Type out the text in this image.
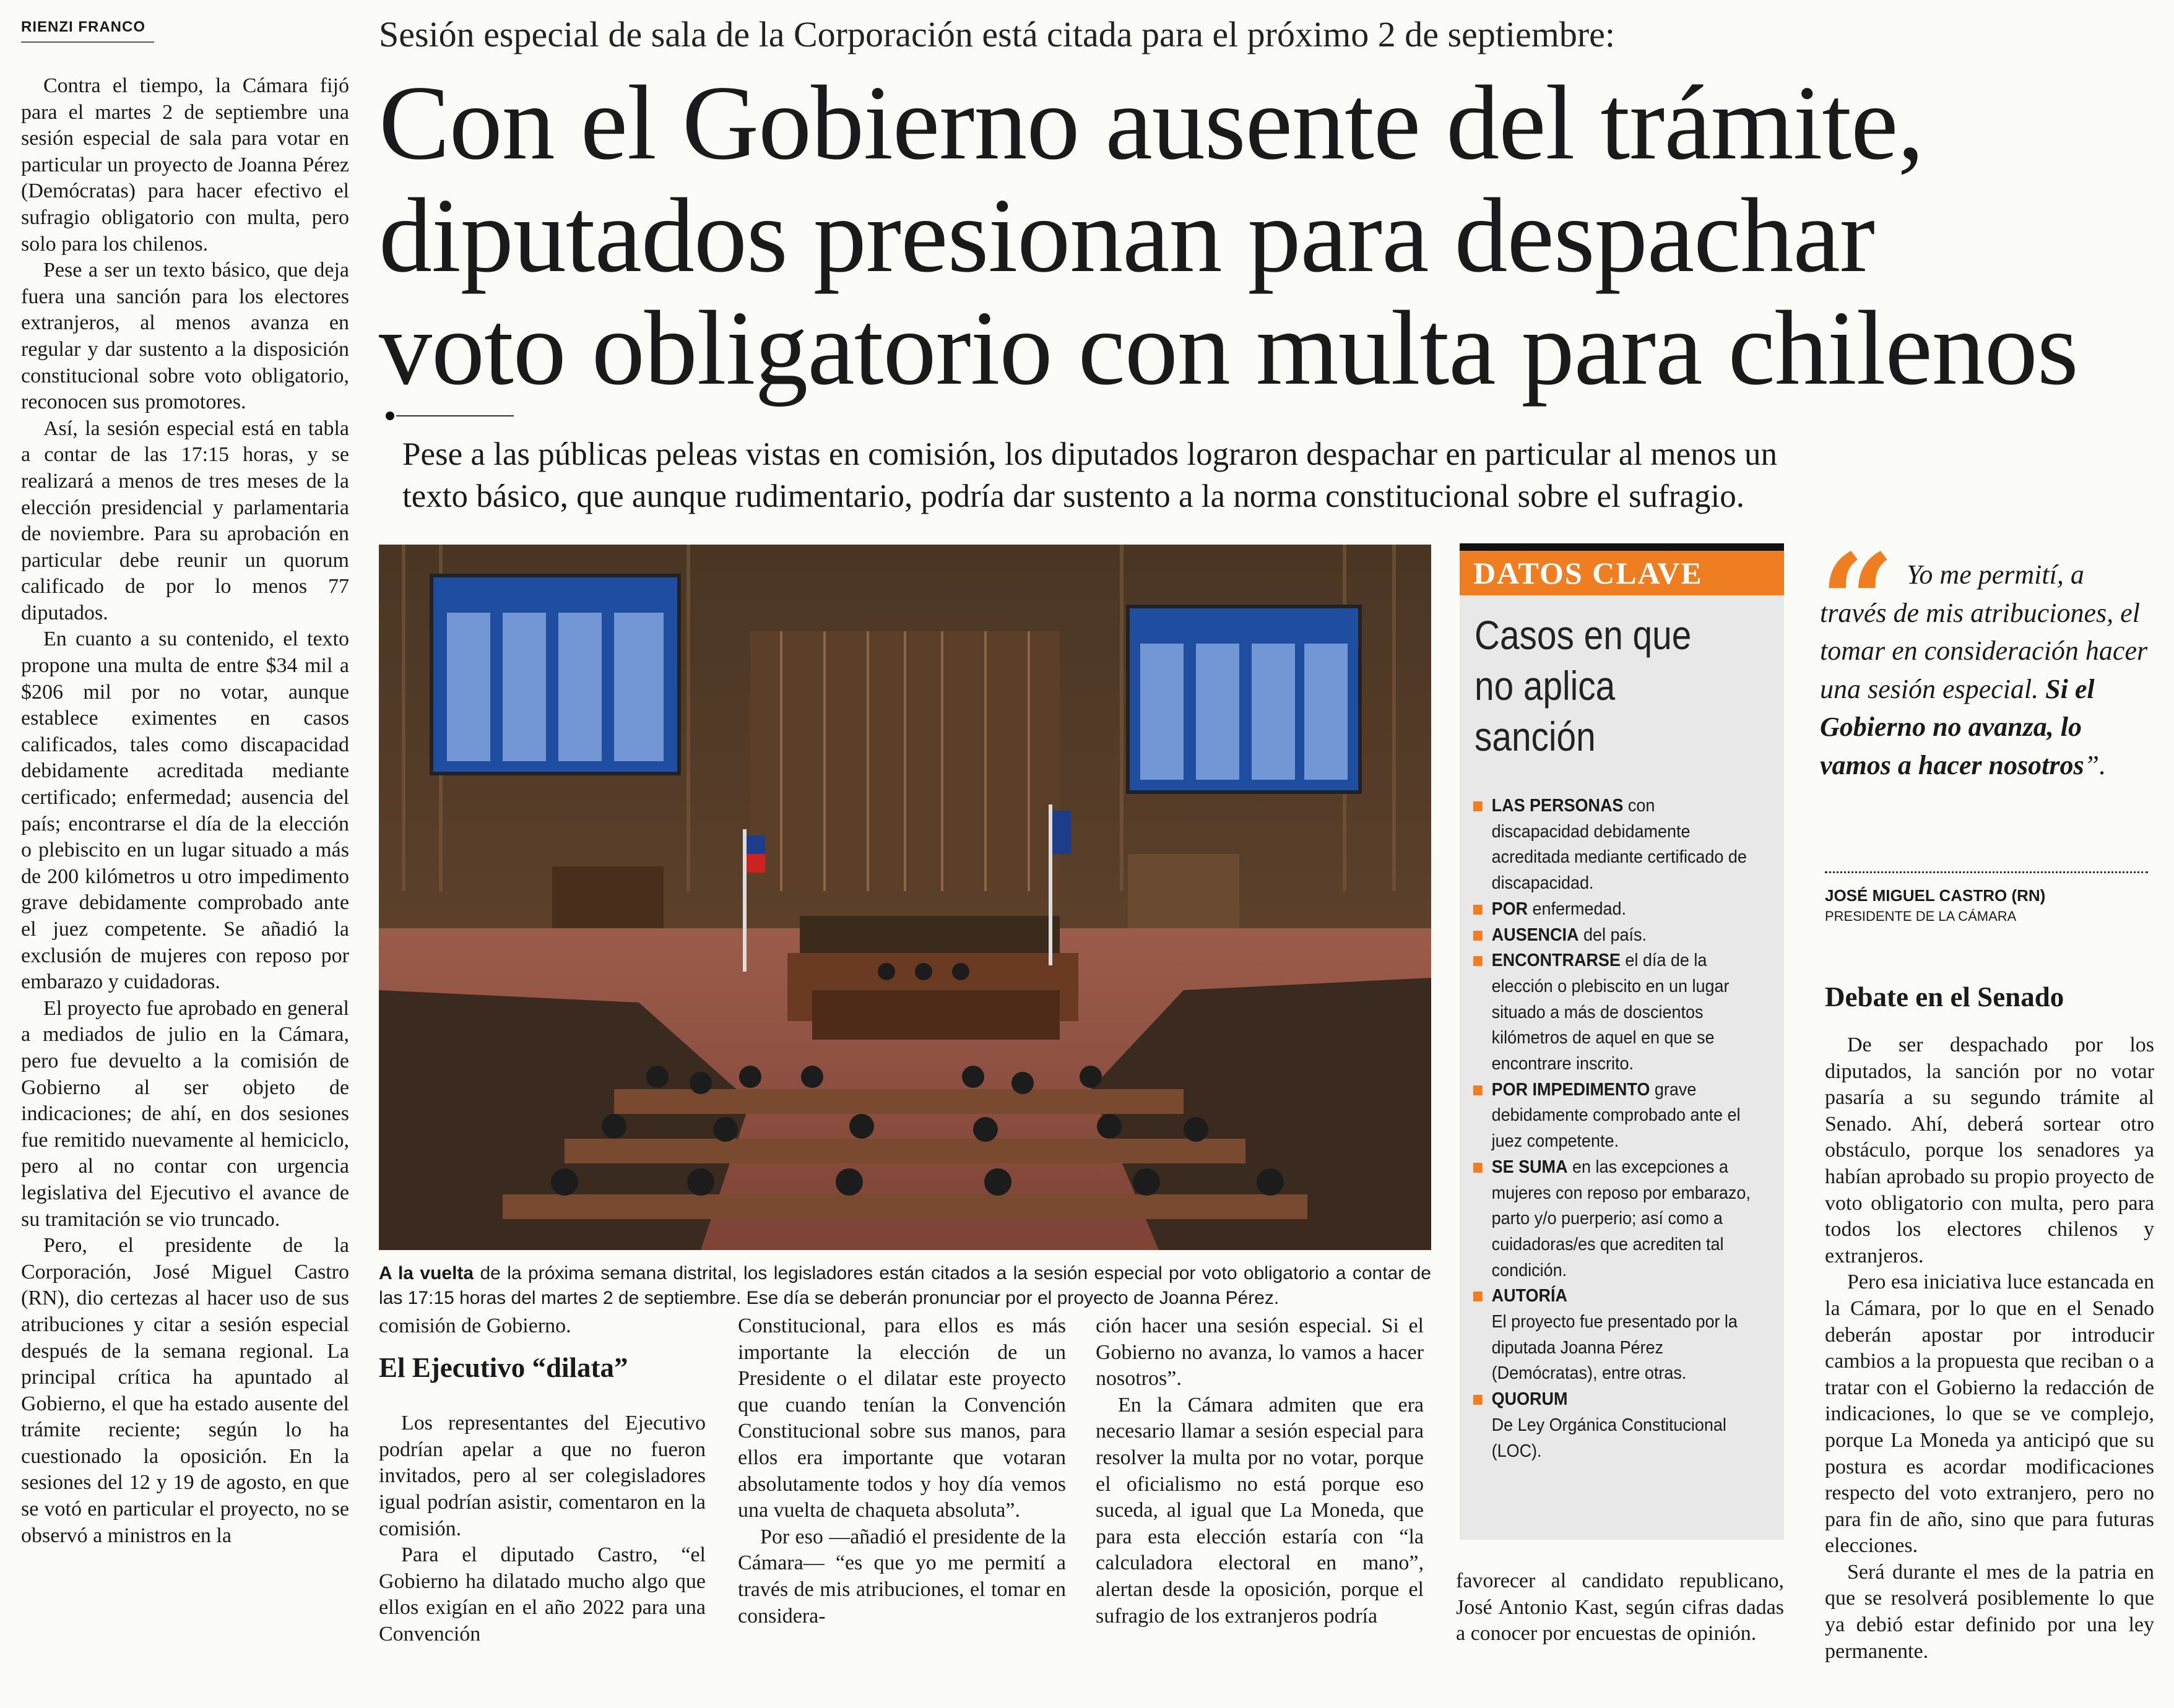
RIENZI FRANCO	Sesión especial de sala de la Corporación está citada para el próximo 2 de septiembre:
Con el Gobierno ausente del trámite,
diputados presionan para despachar
voto obligatorio con multa para chilenos
Pese a las públicas peleas vistas en comisión, los diputados lograron despachar en particular al menos un
texto básico, que aunque rudimentario, podría dar sustento a la norma constitucional sobre el sufragio.

Contra el tiempo, la Cámara fijó para el martes 2 de septiembre una sesión especial de sala para votar en particular un proyecto de Joanna Pérez (Demócratas) para hacer efectivo el sufragio obligatorio con multa, pero solo para los chilenos.

Pese a ser un texto básico, que deja fuera una sanción para los electores extranjeros, al menos avanza en regular y dar sustento a la disposición constitucional sobre voto obligatorio, reconocen sus promotores.

Así, la sesión especial está en tabla a contar de las 17:15 horas, y se realizará a menos de tres meses de la elección presidencial y parlamentaria de noviembre. Para su aprobación en particular debe reunir un quorum calificado de por lo menos 77 diputados.

En cuanto a su contenido, el texto propone una multa de entre $34 mil a $206 mil por no votar, aunque establece eximentes en casos calificados, tales como discapacidad debidamente acreditada mediante certificado; enfermedad; ausencia del país; encontrarse el día de la elección o plebiscito en un lugar situado a más de 200 kilómetros u otro impedimento grave debidamente comprobado ante el juez competente. Se añadió la exclusión de mujeres con reposo por embarazo y cuidadoras.

El proyecto fue aprobado en general a mediados de julio en la Cámara, pero fue devuelto a la comisión de Gobierno al ser objeto de indicaciones; de ahí, en dos sesiones fue remitido nuevamente al hemiciclo, pero al no contar con urgencia legislativa del Ejecutivo el avance de su tramitación se vio truncado.

Pero, el presidente de la Corporación, José Miguel Castro (RN), dio certezas al hacer uso de sus atribuciones y citar a sesión especial después de la semana regional. La principal crítica ha apuntado al Gobierno, el que ha estado ausente del trámite reciente; según lo ha cuestionado la oposición. En la sesiones del 12 y 19 de agosto, en que se votó en particular el proyecto, no se observó a ministros en la

A la vuelta de la próxima semana distrital, los legisladores están citados a la sesión especial por voto obligatorio a contar de las 17:15 horas del martes 2 de septiembre. Ese día se deberán pronunciar por el proyecto de Joanna Pérez.
comisión de Gobierno.
El Ejecutivo “dilata”

Los representantes del Ejecutivo podrían apelar a que no fueron invitados, pero al ser colegisladores igual podrían asistir, comentaron en la comisión.

Para el diputado Castro, “el Gobierno ha dilatado mucho algo que ellos exigían en el año 2022 para una Convención

Constitucional, para ellos es más importante la elección de un Presidente o el dilatar este proyecto que cuando tenían la Convención Constitucional sobre sus manos, para ellos era importante que votaran absolutamente todos y hoy día vemos una vuelta de chaqueta absoluta”.

Por eso —añadió el presidente de la Cámara— “es que yo me permití a través de mis atribuciones, el tomar en considera-

ción hacer una sesión especial. Si el Gobierno no avanza, lo vamos a hacer nosotros”.

En la Cámara admiten que era necesario llamar a sesión especial para resolver la multa por no votar, porque el oficialismo no está porque eso suceda, al igual que La Moneda, que para esta elección estaría con “la calculadora electoral en mano”, alertan desde la oposición, porque el sufragio de los extranjeros podría

favorecer al candidato republicano, José Antonio Kast, según cifras dadas a conocer por encuestas de opinión.

DATOS CLAVE
Casos en que no aplica sanción
LAS PERSONAS con discapacidad debidamente acreditada mediante certificado de discapacidad.
POR enfermedad.
AUSENCIA del país.
ENCONTRARSE el día de la elección o plebiscito en un lugar situado a más de doscientos kilómetros de aquel en que se encontrare inscrito.
POR IMPEDIMENTO grave debidamente comprobado ante el juez competente.
SE SUMA en las excepciones a mujeres con reposo por embarazo, parto y/o puerperio; así como a cuidadoras/es que acrediten tal condición.
AUTORÍA
El proyecto fue presentado por la diputada Joanna Pérez (Demócratas), entre otras.
QUORUM
De Ley Orgánica Constitucional (LOC).
“ Yo me permití, a través de mis atribuciones, el tomar en consideración hacer una sesión especial. Si el Gobierno no avanza, lo vamos a hacer nosotros”.
JOSÉ MIGUEL CASTRO (RN)
PRESIDENTE DE LA CÁMARA
Debate en el Senado

De ser despachado por los diputados, la sanción por no votar pasaría a su segundo trámite al Senado. Ahí, deberá sortear otro obstáculo, porque los senadores ya habían aprobado su propio proyecto de voto obligatorio con multa, pero para todos los electores chilenos y extranjeros.

Pero esa iniciativa luce estancada en la Cámara, por lo que en el Senado deberán apostar por introducir cambios a la propuesta que reciban o a tratar con el Gobierno la redacción de indicaciones, lo que se ve complejo, porque La Moneda ya anticipó que su postura es acordar modificaciones respecto del voto extranjero, pero no para fin de año, sino que para futuras elecciones.

Será durante el mes de la patria en que se resolverá posiblemente lo que ya debió estar definido por una ley permanente.
